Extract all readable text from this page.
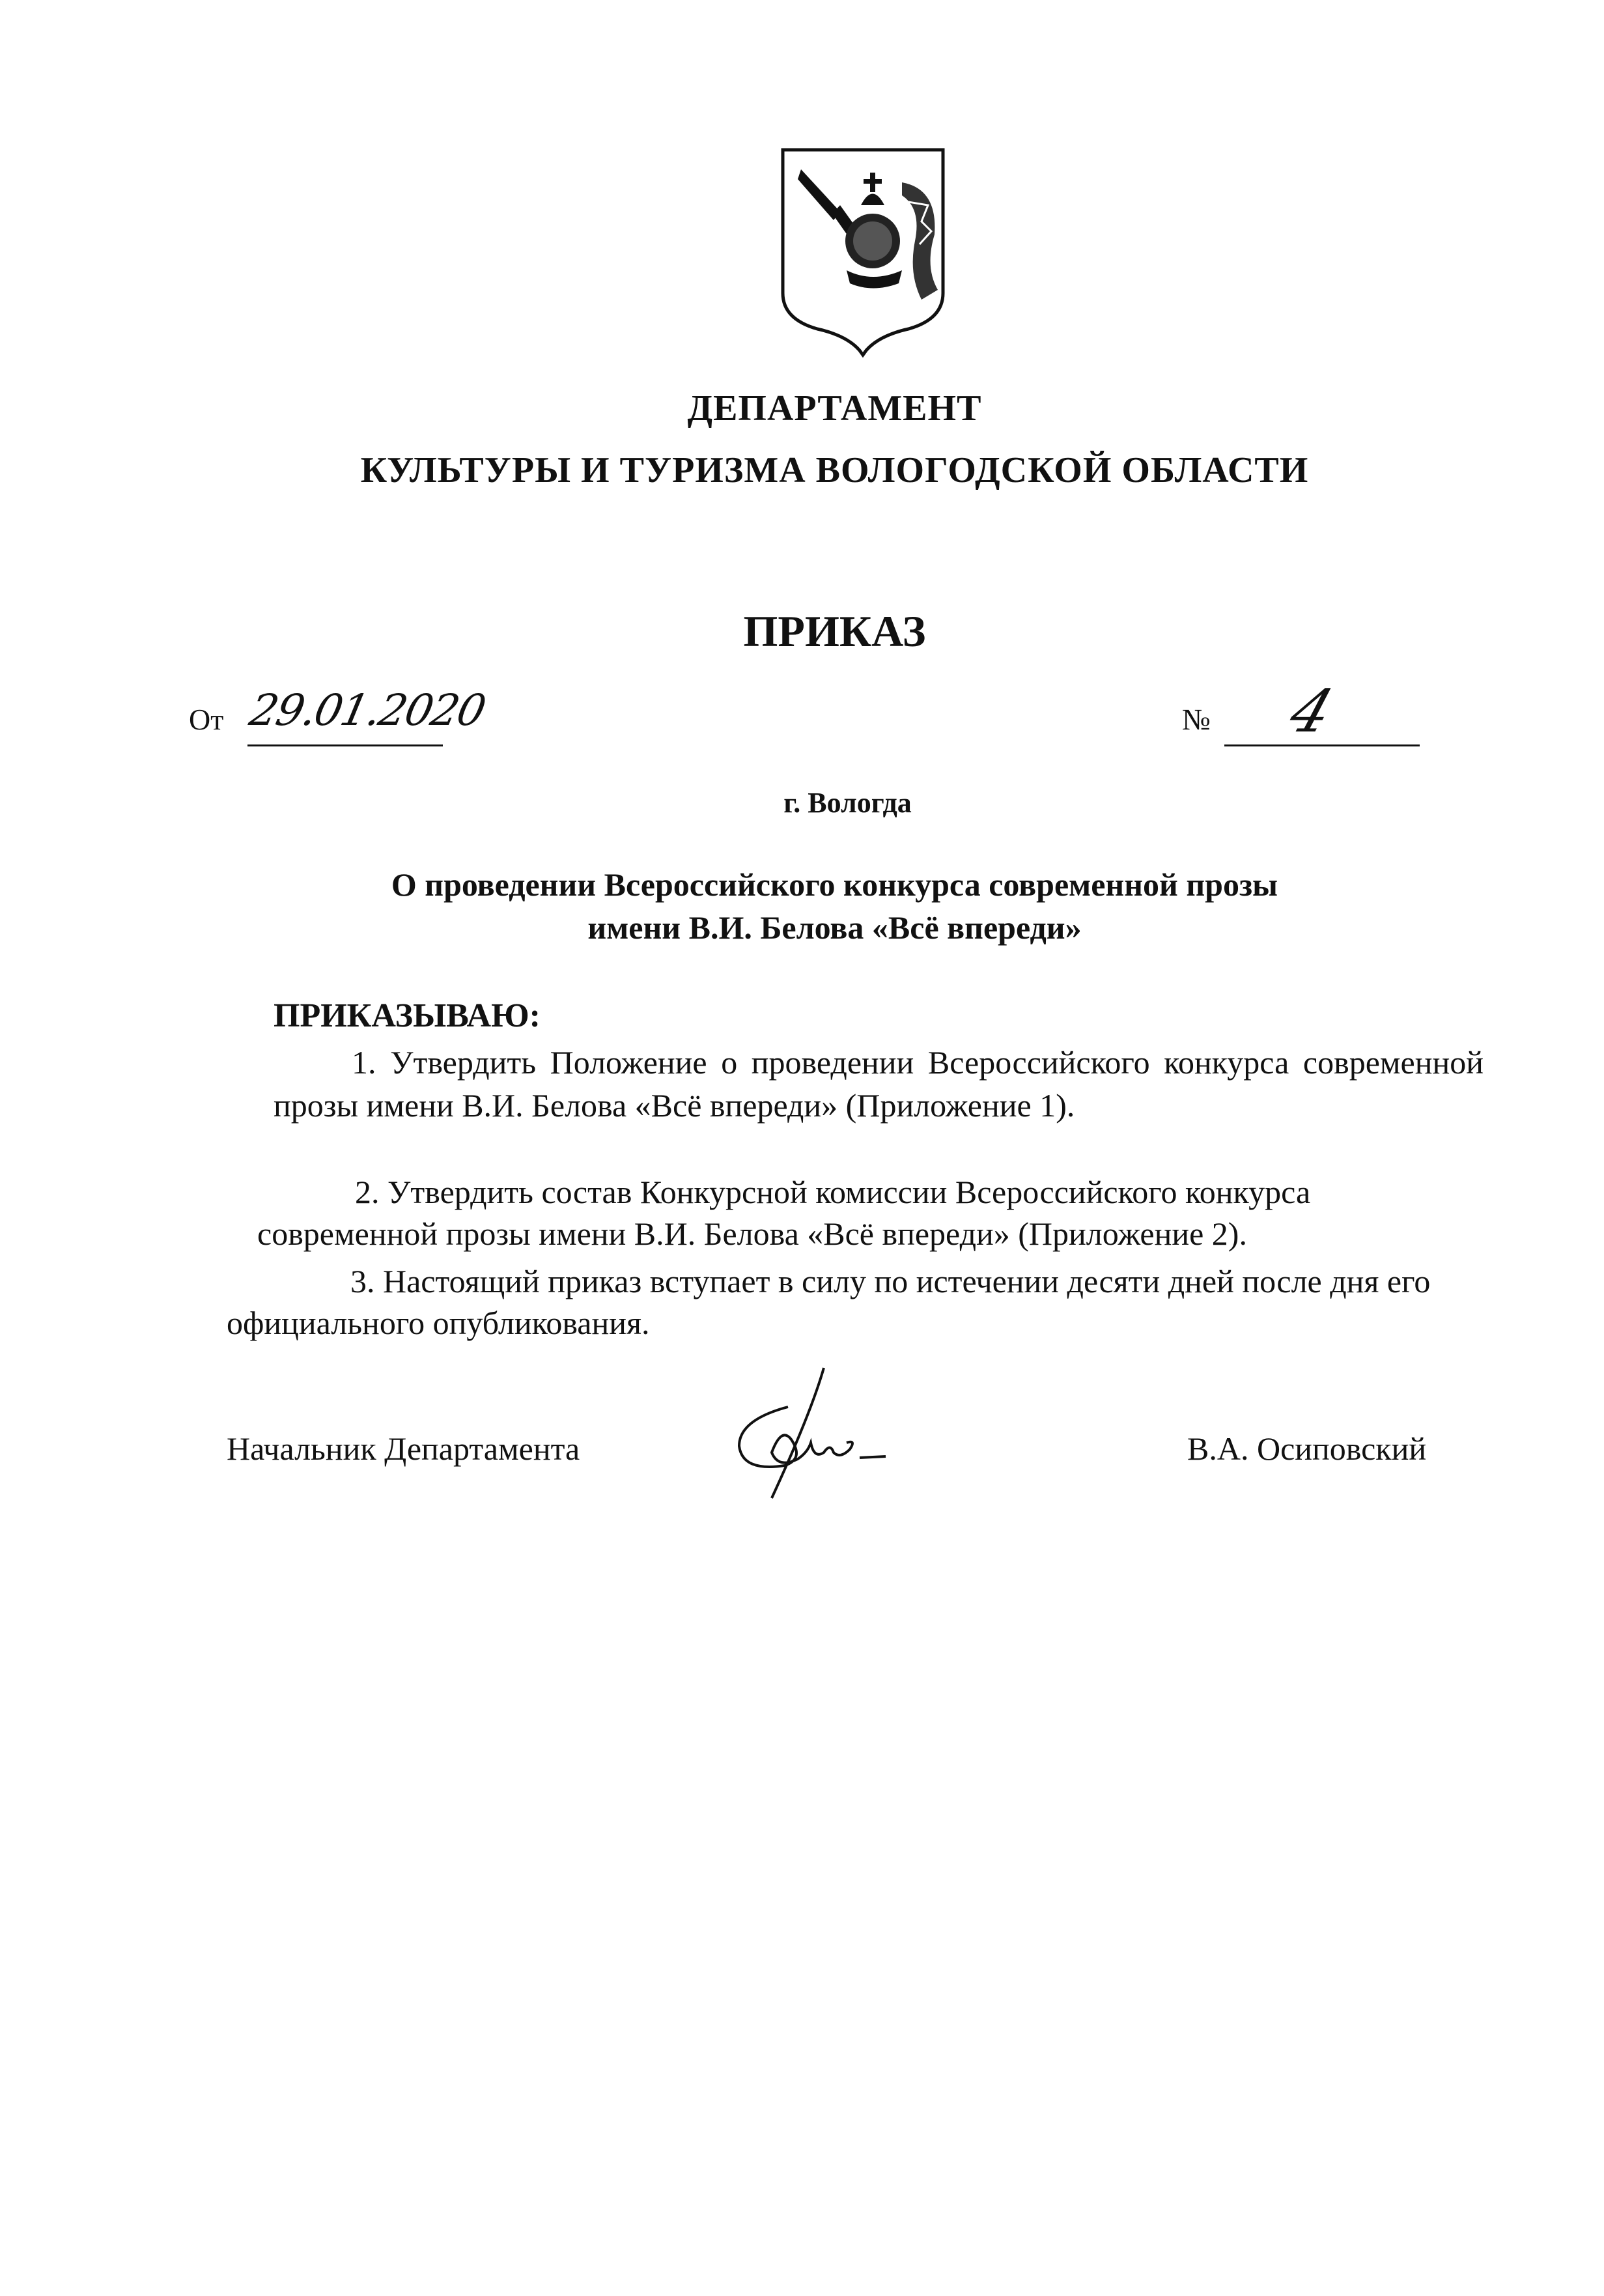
ДЕПАРТАМЕНТ
КУЛЬТУРЫ И ТУРИЗМА ВОЛОГОДСКОЙ ОБЛАСТИ
ПРИКАЗ
От 29.01.2020	№ 4
г. Вологда
О проведении Всероссийского конкурса современной прозы
имени В.И. Белова «Всё впереди»
ПРИКАЗЫВАЮ:
1. Утвердить Положение о проведении Всероссийского конкурса современной прозы имени В.И. Белова «Всё впереди» (Приложение 1).
2. Утвердить состав Конкурсной комиссии Всероссийского конкурса современной прозы имени В.И. Белова «Всё впереди» (Приложение 2).
3. Настоящий приказ вступает в силу по истечении десяти дней после дня его официального опубликования.
Начальник Департамента	В.А. Осиповский
